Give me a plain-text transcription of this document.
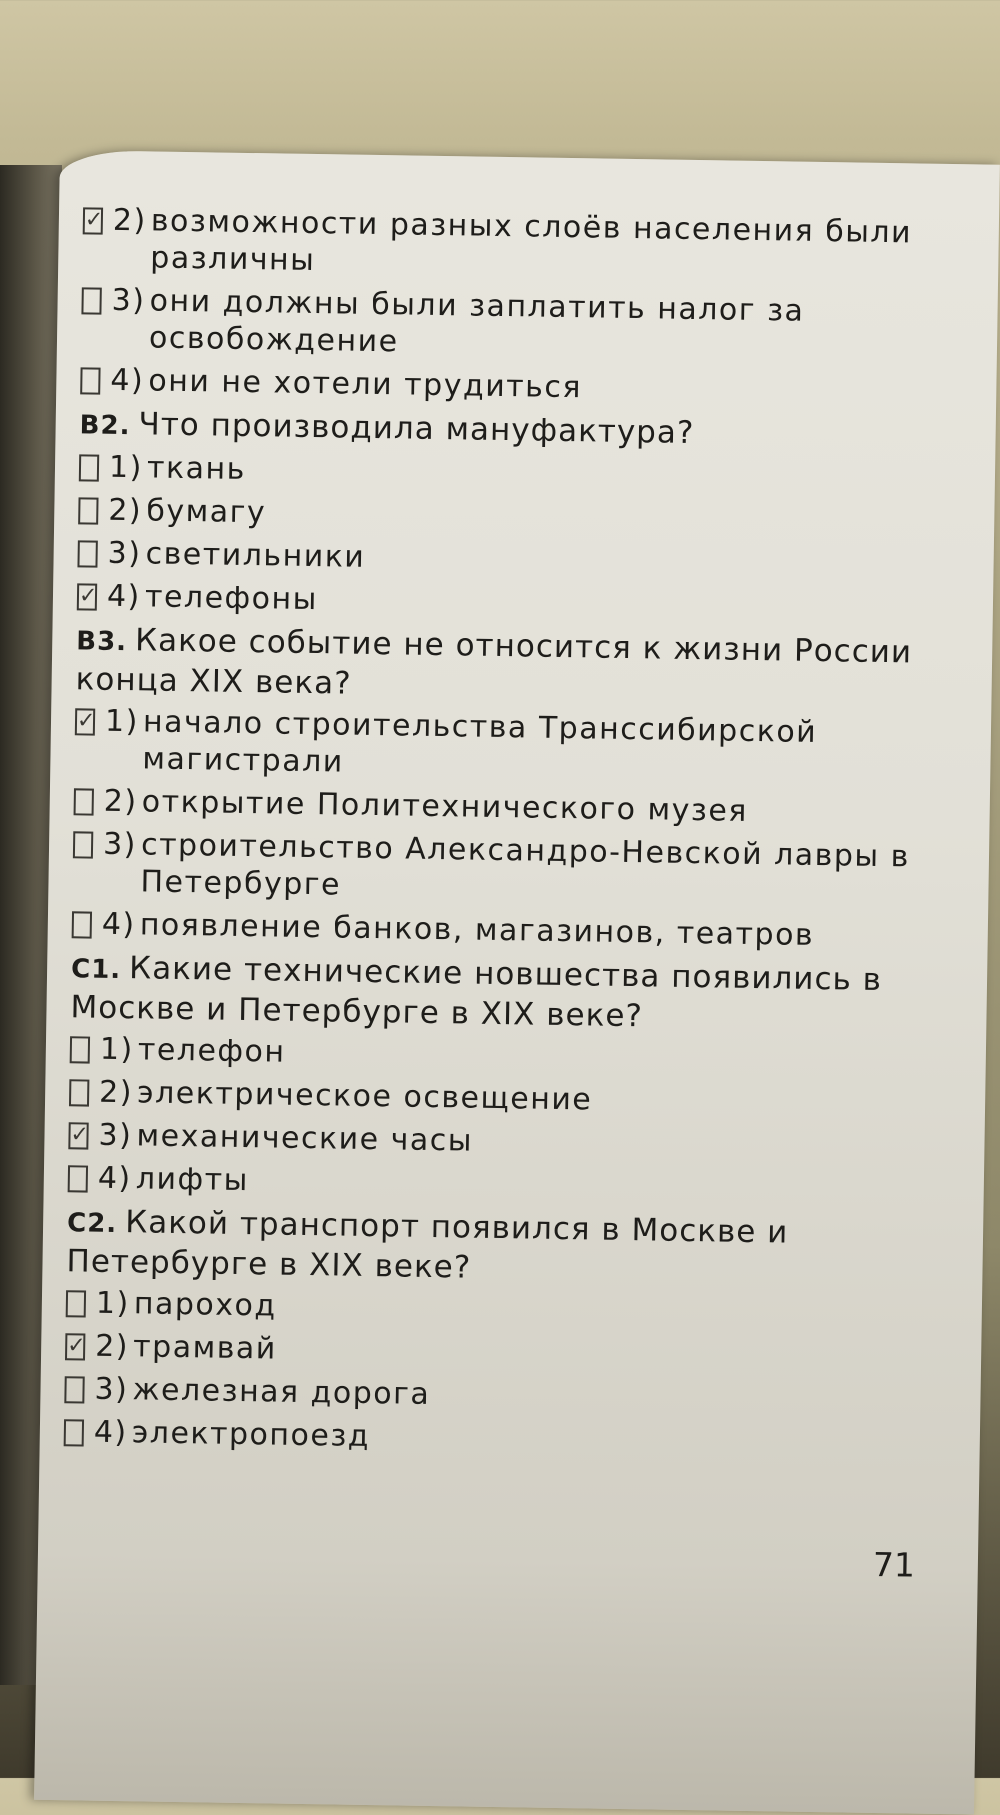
✓ 2) возможности разных слоёв населения были различны
3) они должны были заплатить налог за освобождение
4) они не хотели трудиться
В2. Что производила мануфактура?
1) ткань
2) бумагу
3) светильники
✓ 4) телефоны
В3. Какое событие не относится к жизни России конца XIX века?
✓ 1) начало строительства Транссибирской магистрали
2) открытие Политехнического музея
3) строительство Александро-Невской лавры в Петербурге
4) появление банков, магазинов, театров
С1. Какие технические новшества появились в Москве и Петербурге в XIX веке?
1) телефон
2) электрическое освещение
✓ 3) механические часы
4) лифты
С2. Какой транспорт появился в Москве и Петербурге в XIX веке?
1) пароход
✓ 2) трамвай
3) железная дорога
4) электропоезд
71
